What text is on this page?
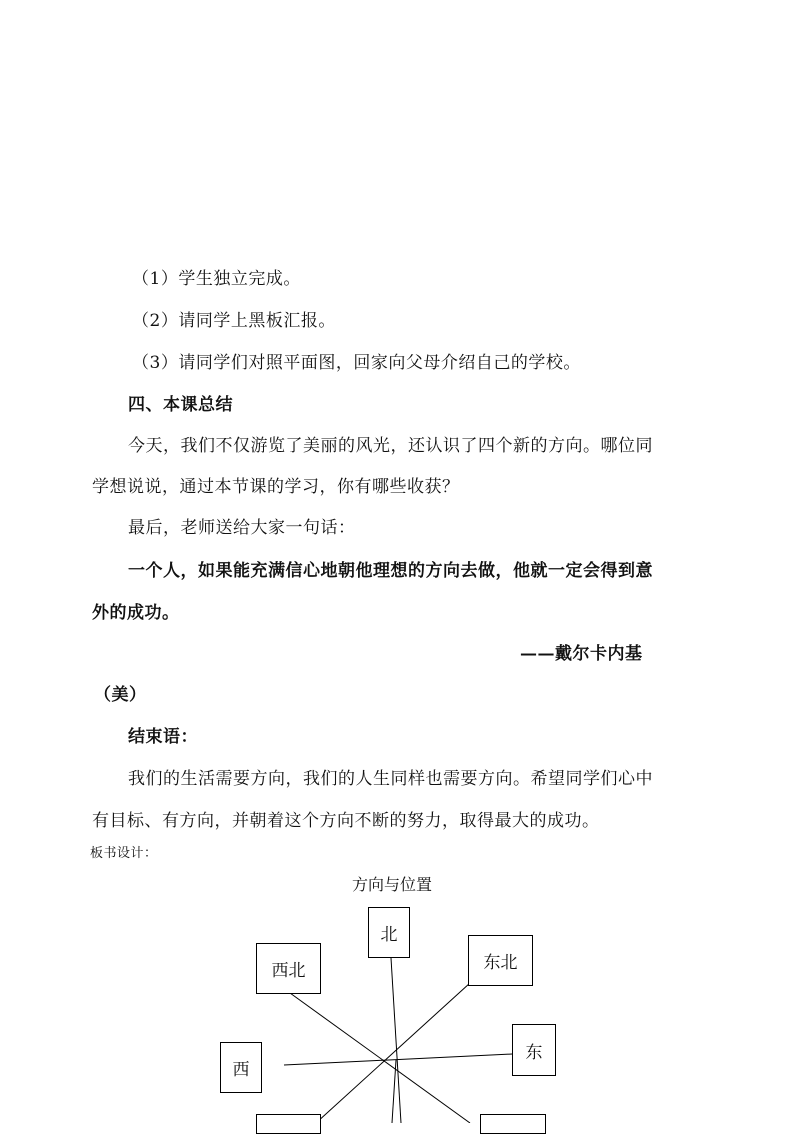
（1）学生独立完成。
（2）请同学上黑板汇报。
（3）请同学们对照平面图，回家向父母介绍自己的学校。
四、本课总结
今天，我们不仅游览了美丽的风光，还认识了四个新的方向。哪位同
学想说说，通过本节课的学习，你有哪些收获？
最后，老师送给大家一句话：
一个人，如果能充满信心地朝他理想的方向去做，他就一定会得到意
外的成功。
——戴尔卡内基
（美）
结束语：
我们的生活需要方向，我们的人生同样也需要方向。希望同学们心中
有目标、有方向，并朝着这个方向不断的努力，取得最大的成功。
板书设计：
方向与位置
北
西北	东北
东
西
